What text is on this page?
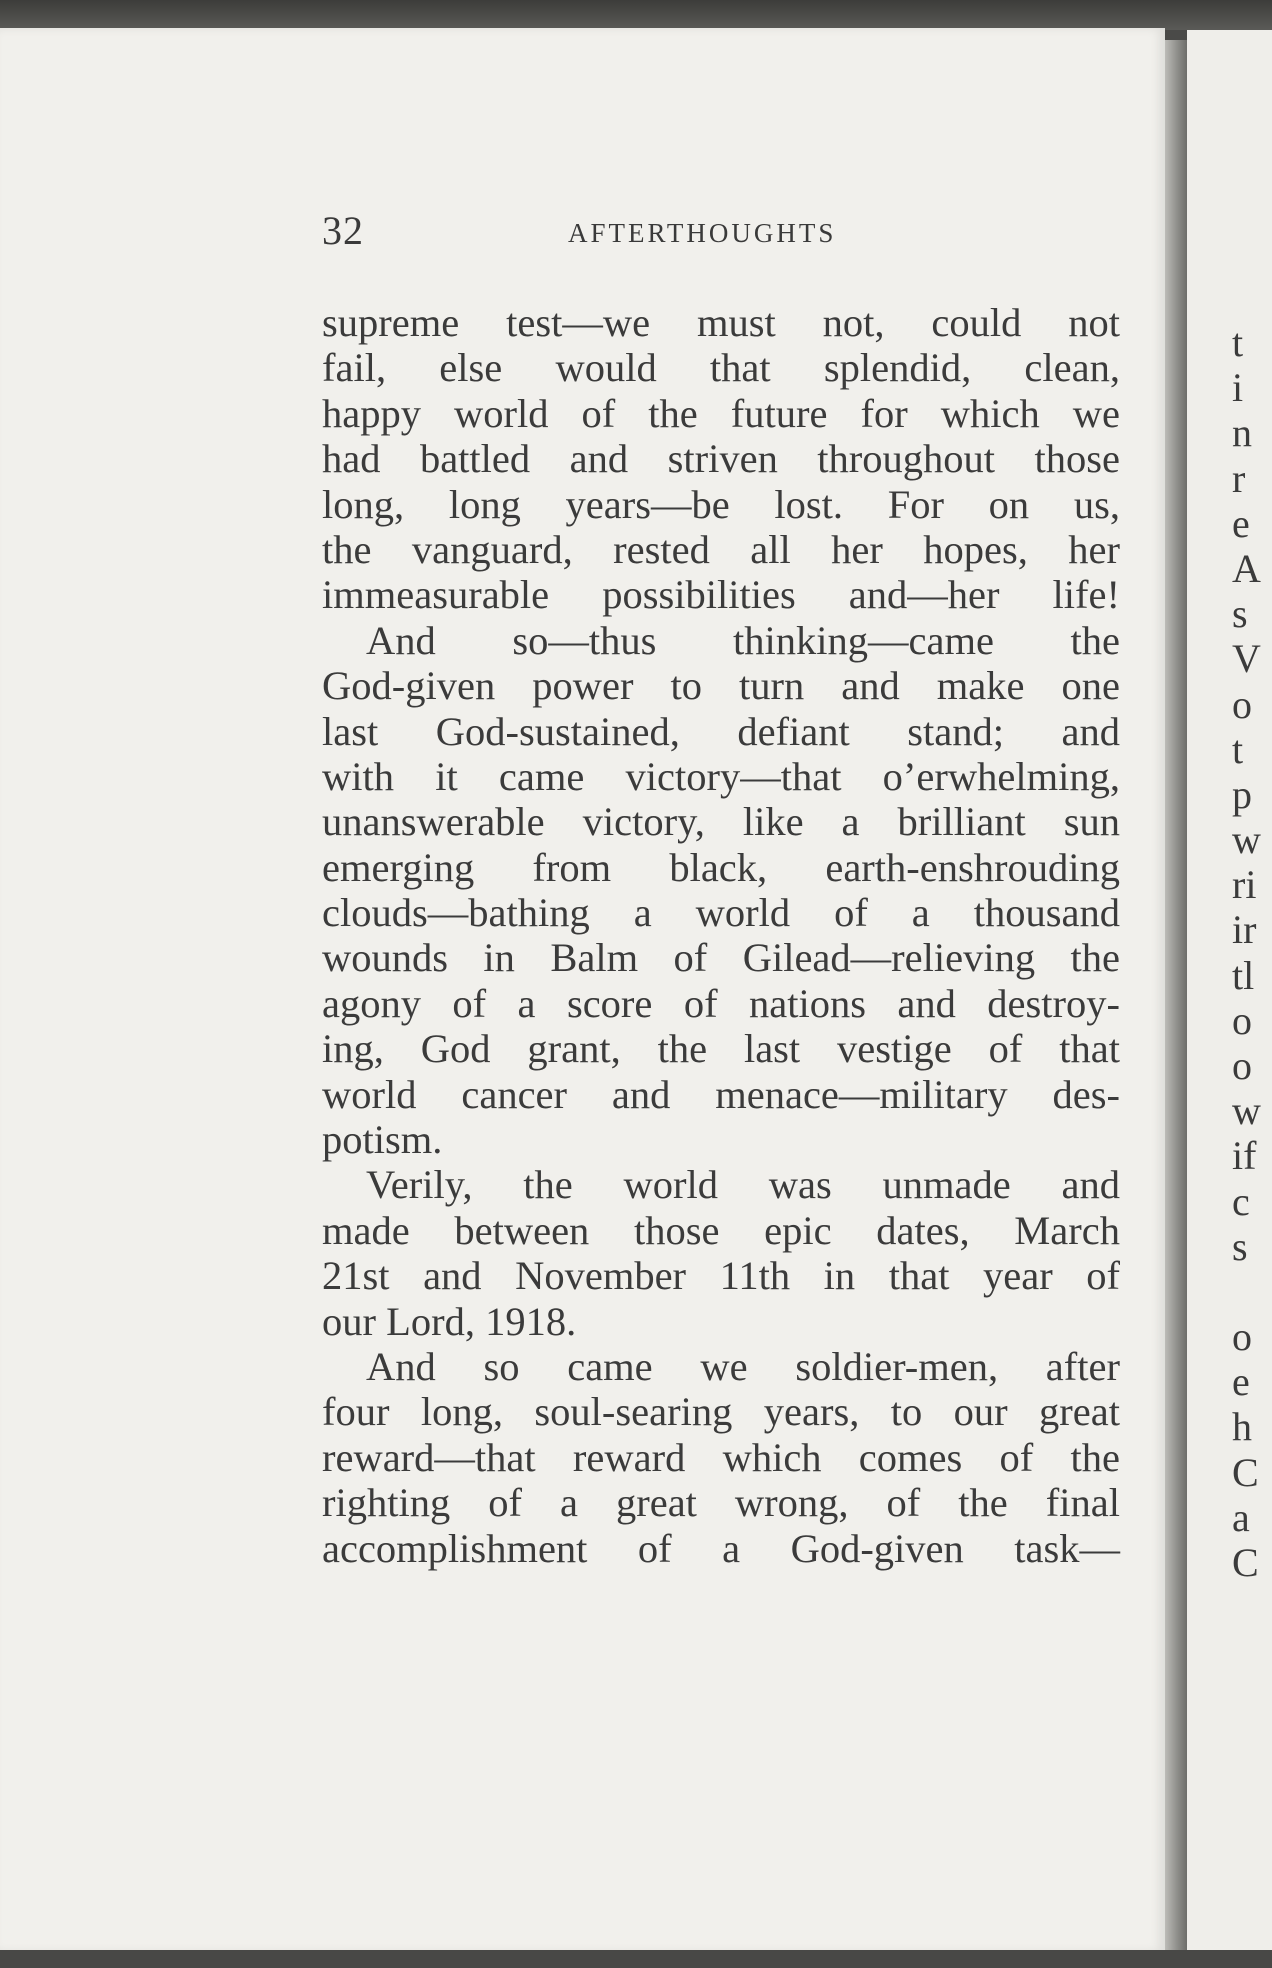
32	AFTERTHOUGHTS
supreme test—we must not, could not
fail, else would that splendid, clean,
happy world of the future for which we
had battled and striven throughout those
long, long years—be lost. For on us,
the vanguard, rested all her hopes, her
immeasurable possibilities and—her life!
And so—thus thinking—came the
God-given power to turn and make one
last God-sustained, defiant stand; and
with it came victory—that o’erwhelming,
unanswerable victory, like a brilliant sun
emerging from black, earth-enshrouding
clouds—bathing a world of a thousand
wounds in Balm of Gilead—relieving the
agony of a score of nations and destroy-
ing, God grant, the last vestige of that
world cancer and menace—military des-
potism.
Verily, the world was unmade and
made between those epic dates, March
21st and November 11th in that year of
our Lord, 1918.
And so came we soldier-men, after
four long, soul-searing years, to our great
reward—that reward which comes of the
righting of a great wrong, of the final
accomplishment of a God-given task—
t
i
n
r
e
A
s
V
o
t
p
w
ri
ir
tl
o
o
w
if
c
s
o
e
h
C
a
C
